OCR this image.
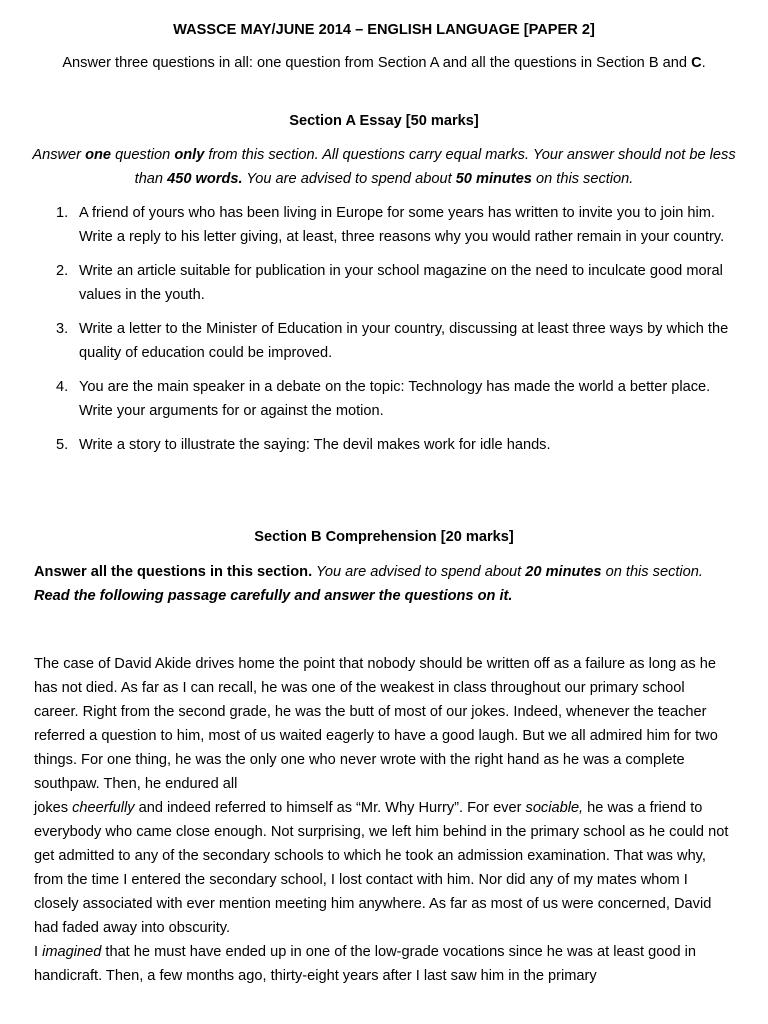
WASSCE MAY/JUNE 2014 – ENGLISH LANGUAGE [PAPER 2]
Answer three questions in all: one question from Section A and all the questions in Section B and C.
Section A Essay [50 marks]
Answer one question only from this section. All questions carry equal marks. Your answer should not be less than 450 words. You are advised to spend about 50 minutes on this section.
1. A friend of yours who has been living in Europe for some years has written to invite you to join him. Write a reply to his letter giving, at least, three reasons why you would rather remain in your country.
2. Write an article suitable for publication in your school magazine on the need to inculcate good moral values in the youth.
3. Write a letter to the Minister of Education in your country, discussing at least three ways by which the quality of education could be improved.
4. You are the main speaker in a debate on the topic: Technology has made the world a better place. Write your arguments for or against the motion.
5. Write a story to illustrate the saying: The devil makes work for idle hands.
Section B Comprehension [20 marks]
Answer all the questions in this section. You are advised to spend about 20 minutes on this section. Read the following passage carefully and answer the questions on it.
The case of David Akide drives home the point that nobody should be written off as a failure as long as he has not died. As far as I can recall, he was one of the weakest in class throughout our primary school career. Right from the second grade, he was the butt of most of our jokes. Indeed, whenever the teacher referred a question to him, most of us waited eagerly to have a good laugh. But we all admired him for two things. For one thing, he was the only one who never wrote with the right hand as he was a complete southpaw. Then, he endured all
jokes cheerfully and indeed referred to himself as “Mr. Why Hurry”. For ever sociable, he was a friend to everybody who came close enough. Not surprising, we left him behind in the primary school as he could not get admitted to any of the secondary schools to which he took an admission examination. That was why, from the time I entered the secondary school, I lost contact with him. Nor did any of my mates whom I closely associated with ever mention meeting him anywhere. As far as most of us were concerned, David had faded away into obscurity.
I imagined that he must have ended up in one of the low-grade vocations since he was at least good in handicraft. Then, a few months ago, thirty-eight years after I last saw him in the primary
